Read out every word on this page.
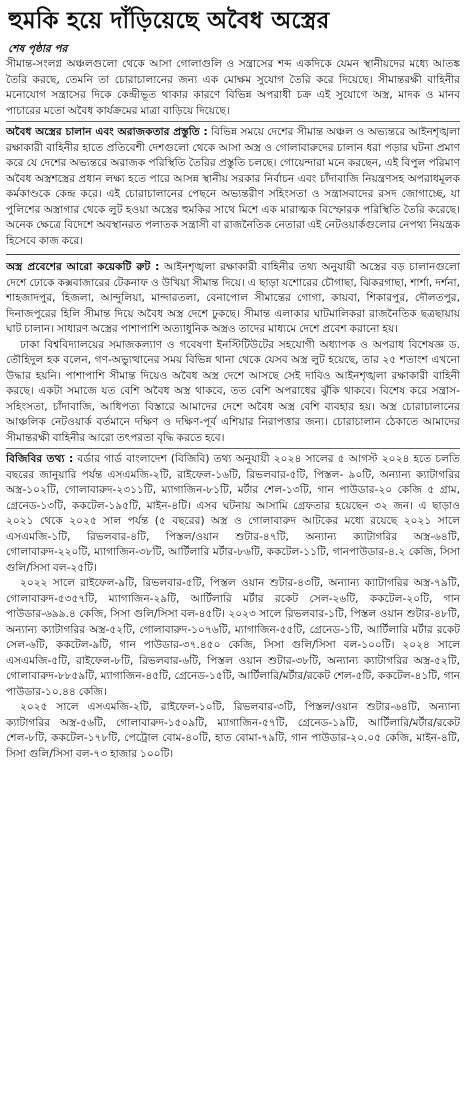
হুমকি হয়ে দাঁড়িয়েছে অবৈধ অস্ত্রের
শেষ পৃষ্ঠার পর

সীমান্ত-সংলগ্ন অঞ্চলগুলো থেকে আসা গোলাগুলি ও সন্ত্রাসের শব্দ একদিকে যেমন স্থানীয়দের মধ্যে আতঙ্ক তৈরি করছে, তেমনি তা চোরাচালানের জন্য এক মোক্ষম সুযোগ তৈরি করে দিয়েছে। সীমান্তরক্ষী বাহিনীর মনোযোগ সন্ত্রাসের দিকে কেন্দ্রীভূত থাকার কারণে বিভিন্ন অপরাধী চক্র এই সুযোগে অস্ত্র, মাদক ও মানব পাচারের মতো অবৈধ কার্যক্রমের মাত্রা বাড়িয়ে দিয়েছে।

অবৈধ অস্ত্রের চালান এবং অরাজকতার প্রস্তুতি : বিভিন্ন সময়ে দেশের সীমান্ত অঞ্চল ও অভ্যন্তরে আইনশৃঙ্খলা রক্ষাকারী বাহিনীর হাতে প্রতিবেশী দেশগুলো থেকে আসা অস্ত্র ও গোলাবারুদের চালান ধরা পড়ার ঘটনা প্রমাণ করে যে দেশের অভ্যন্তরে অরাজক পরিস্থিতি তৈরির প্রস্তুতি চলছে। গোয়েন্দারা মনে করছেন, এই বিপুল পরিমাণ অবৈধ অস্ত্রশস্ত্রের প্রধান লক্ষ্য হতে পারে আসন্ন স্থানীয় সরকার নির্বাচন এবং চাঁদাবাজি নিয়ন্ত্রণসহ অপরাধমূলক কর্মকাণ্ডকে কেন্দ্র করে। এই চোরাচালানের পেছনে অভ্যন্তরীণ সহিংসতা ও সন্ত্রাসবাদের রসদ জোগাচ্ছে, যা পুলিশের অস্ত্রাগার থেকে লুট হওয়া অস্ত্রের হুমকির সাথে মিশে এক মারাত্মক বিস্ফোরক পরিস্থিতি তৈরি করেছে। অনেক ক্ষেত্রে বিদেশে অবস্থানরত পলাতক সন্ত্রাসী বা রাজনৈতিক নেতারা এই নেটওয়ার্কগুলোর নেপথ্য নিয়ন্ত্রক হিসেবে কাজ করে।

অস্ত্র প্রবেশের আরো কয়েকটি রুট : আইনশৃঙ্খলা রক্ষাকারী বাহিনীর তথ্য অনুযায়ী অস্ত্রের বড় চালানগুলো দেশে ঢোকে কক্সবাজারের টেকনাফ ও উখিয়া সীমান্ত দিয়ে। এ ছাড়া যশোরের চৌগাছা, ঝিকরগাছা, শার্শা, দর্শনা, শাহজাদপুর, হিজলা, আন্দুলিয়া, মান্দারতলা, বেনাপোল সীমান্তের গোগা, কায়বা, শিকারপুর, দৌলতপুর, দিনাজপুরের হিলি সীমান্ত দিয়ে অবৈধ অস্ত্র দেশে ঢুকছে। সীমান্ত এলাকার ঘাটমালিকরা রাজনৈতিক ছত্রছায়ায় ঘাট চালান। সাধারণ অস্ত্রের পাশাপাশি অত্যাধুনিক অস্ত্রও তাদের মাধ্যমে দেশে প্রবেশ করানো হয়।

ঢাকা বিশ্ববিদ্যালয়ের সমাজকল্যাণ ও গবেষণা ইনস্টিটিউটের সহযোগী অধ্যাপক ও অপরাধ বিশেষজ্ঞ ড. তৌহিদুল হক বলেন, গণ-অভ্যুত্থানের সময় বিভিন্ন থানা থেকে যেসব অস্ত্র লুট হয়েছে, তার ২৫ শতাংশ এখনো উদ্ধার হয়নি। পাশাপাশি সীমান্ত দিয়েও অবৈধ অস্ত্র দেশে আসছে সেই দাবিও আইনশৃঙ্খলা রক্ষাকারী বাহিনী করছে। একটা সমাজে যত বেশি অবৈধ অস্ত্র থাকবে, তত বেশি অপরাধের ঝুঁকি থাকবে। বিশেষ করে সন্ত্রাস-সহিংসতা, চাঁদাবাজি, আধিপত্য বিস্তারে আমাদের দেশে অবৈধ অস্ত্র বেশি ব্যবহার হয়। অস্ত্র চোরাচালানের আঞ্চলিক নেটওয়ার্ক বর্তমানে দক্ষিণ ও দক্ষিণ-পূর্ব এশিয়ার নিরাপত্তার জন্য। চোরাচালান ঠেকাতে আমাদের সীমান্তরক্ষী বাহিনীর আরো তৎপরতা বৃদ্ধি করতে হবে।

বিজিবির তথ্য : বর্ডার গার্ড বাংলাদেশ (বিজিবি) তথ্য অনুযায়ী ২০২৪ সালের ৫ আগস্ট ২০২৪ হতে চলতি বছরের জানুয়ারি পর্যন্ত এসএমজি-২টি, রাইফেল-১৬টি, রিভলবার-৫টি, পিস্তল- ৯০টি, অন্যান্য ক্যাটাগরির অস্ত্র-১০২টি, গোলাবারুদ-২৩১১টি, ম্যাগাজিন-৮১টি, মর্টার শেল-১৩টি, গান পাউডার-২০ কেজি ৫ গ্রাম, গ্রেনেড-১৩টি, ককটেল-১৯৫টি, মাইন-৪টি। এসব ঘটনায় আসামি গ্রেফতার হয়েছেন ৩২ জন। এ ছাড়াও ২০২১ থেকে ২০২৫ সাল পর্যন্ত (৫ বছরের) অস্ত্র ও গোলাবারুদ আটকের মধ্যে রয়েছে ২০২১ সালে এসএমজি-১টি, রিভলবার-৪টি, পিস্তল/ওয়ান শুটার-৪৭টি, অন্যান্য ক্যাটাগরির অস্ত্র-৬৪টি, গোলাবারুদ-২২০টি, ম্যাগাজিন-৩৮টি, আর্টিলারি মর্টার-৮৬টি, ককটেল-১১টি, গানপাউডার-৪.২ কেজি, সিসা গুলি/সিসা বল-২৫টি।

২০২২ সালে রাইফেল-৯টি, রিভলবার-৫টি, পিস্তল ওয়ান শুটার-৪৩টি, অন্যান্য ক্যাটাগরির অস্ত্র-৭৯টি, গোলাবারুদ-৫৩৫৭টি, ম্যাগাজিন-২৯টি, আর্টিলারি মর্টার রকেট সেল-২৬টি, ককটেল-২০টি, গান পাউডার-৬৯৯.৪ কেজি, সিসা গুলি/সিসা বল-৪৫টি। ২০২৩ সালে রিভলবার-১টি, পিস্তল ওয়ান শুটার-৪৮টি, অন্যান্য ক্যাটাগরির অস্ত্র-৫২টি, গোলাবারুদ-১০৭৬টি, ম্যাগাজিন-৫৫টি, গ্রেনেড-১টি, আর্টিলারি মর্টার রকেট সেল-৬টি, ককটেল-৯টি, গান পাউডার-৩৭.৪৫০ কেজি, সিসা গুলি/সিসা বল-১০০টি। ২০২৪ সালে এসএমজি-৫টি, রাইফেল-৮টি, রিভলবার-৬টি, পিস্তল ওয়ান শুটার-৩৮টি, অন্যান্য ক্যাটাগরির অস্ত্র-৫২টি, গোলাবারুদ-৮৮৫৯টি, ম্যাগাজিন-৪৫টি, গ্রেনেড-১৫টি, আর্টিলারি/মর্টার/রকেট শেল-৫টি, ককটেল-৪১টি, গান পাউডার-১০.৪৪ কেজি।

২০২৫ সালে এসএমজি-২টি, রাইফেল-১০টি, রিভলবার-৩টি, পিস্তল/ওয়ান শুটার-৬৪টি, অন্যান্য ক্যাটাগরির অস্ত্র-৫৬টি, গোলাবারুদ-১৫০৯টি, ম্যাগাজিন-৫৭টি, গ্রেনেড-১৯টি, আর্টিলারি/মর্টার/রকেট শেল-৮টি, ককটেল-১৭৮টি, পেট্রোল বোম-৪০টি, হাত বোমা-৭৯টি, গান পাউডার-২০.০৫ কেজি, মাইন-৪টি, সিসা গুলি/সিসা বল-৭৩ হাজার ১০০টি।
